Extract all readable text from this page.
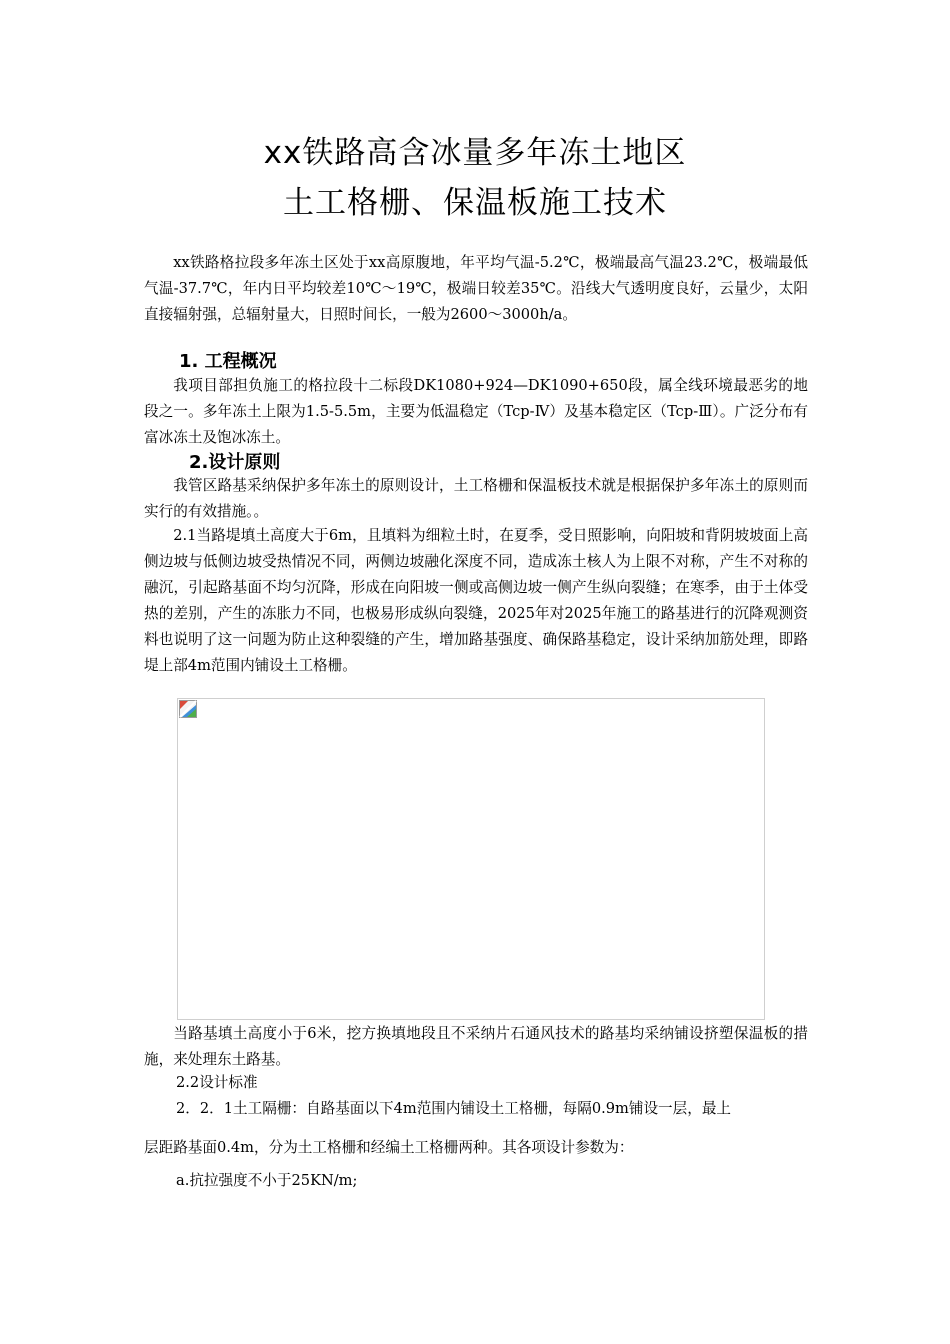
xx铁路高含冰量多年冻土地区
土工格栅、保温板施工技术

xx铁路格拉段多年冻土区处于xx高原腹地，年平均气温-5.2℃，极端最高气温23.2℃，极端最低气温-37.7℃，年内日平均较差10℃～19℃，极端日较差35℃。沿线大气透明度良好，云量少，太阳直接辐射强，总辐射量大，日照时间长，一般为2600～3000h/a。

1. 工程概况

我项目部担负施工的格拉段十二标段DK1080+924—DK1090+650段，属全线环境最恶劣的地段之一。多年冻土上限为1.5-5.5m，主要为低温稳定（Tcp-Ⅳ）及基本稳定区（Tcp-Ⅲ）。广泛分布有富冰冻土及饱冰冻土。

2.设计原则

我管区路基采纳保护多年冻土的原则设计，土工格栅和保温板技术就是根据保护多年冻土的原则而实行的有效措施。。

2.1当路堤填土高度大于6m，且填料为细粒土时，在夏季，受日照影响，向阳坡和背阴坡坡面上高侧边坡与低侧边坡受热情况不同，两侧边坡融化深度不同，造成冻土核人为上限不对称，产生不对称的融沉，引起路基面不均匀沉降，形成在向阳坡一侧或高侧边坡一侧产生纵向裂缝；在寒季，由于土体受热的差别，产生的冻胀力不同，也极易形成纵向裂缝，2025年对2025年施工的路基进行的沉降观测资料也说明了这一问题为防止这种裂缝的产生，增加路基强度、确保路基稳定，设计采纳加筋处理，即路堤上部4m范围内铺设土工格栅。

当路基填土高度小于6米，挖方换填地段且不采纳片石通风技术的路基均采纳铺设挤塑保温板的措施，来处理东土路基。

2.2设计标准
2．2．1土工隔栅：自路基面以下4m范围内铺设土工格栅，每隔0.9m铺设一层，最上
层距路基面0.4m，分为土工格栅和经编土工格栅两种。其各项设计参数为：
a.抗拉强度不小于25KN/m;
